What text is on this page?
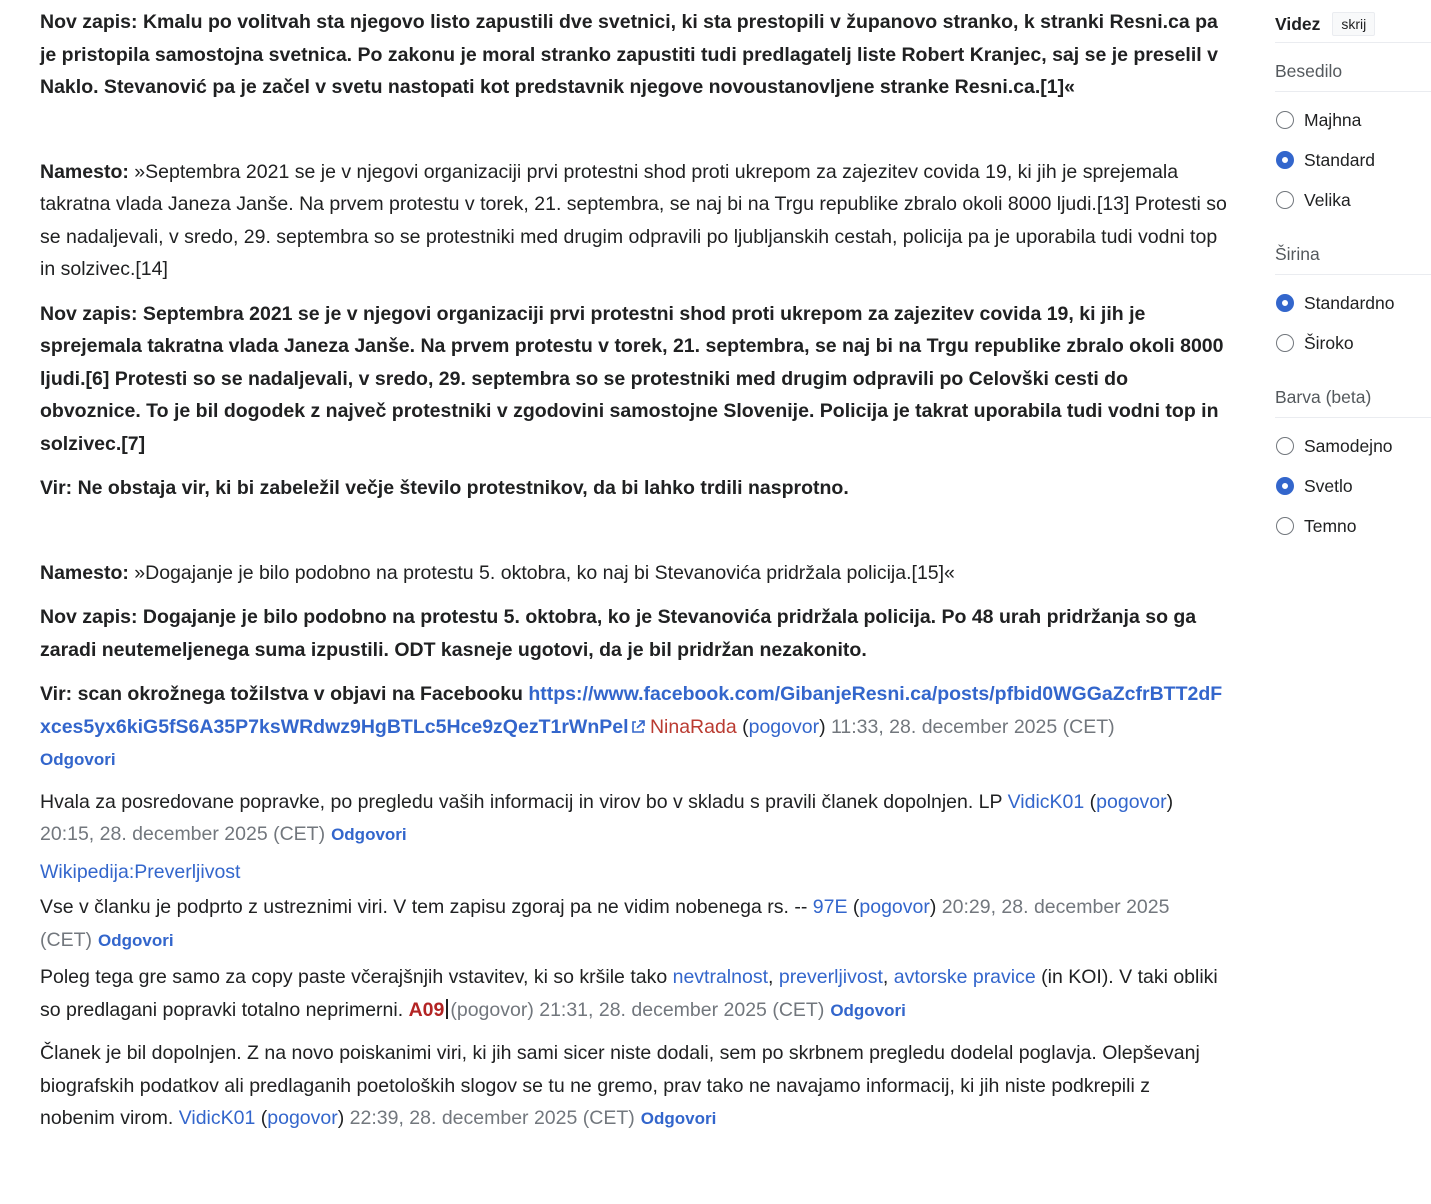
Nov zapis: Kmalu po volitvah sta njegovo listo zapustili dve svetnici, ki sta prestopili v županovo stranko, k stranki Resni.ca pa je pristopila samostojna svetnica. Po zakonu je moral stranko zapustiti tudi predlagatelj liste Robert Kranjec, saj se je preselil v Naklo. Stevanović pa je začel v svetu nastopati kot predstavnik njegove novoustanovljene stranke Resni.ca.[1]«

Namesto: »Septembra 2021 se je v njegovi organizaciji prvi protestni shod proti ukrepom za zajezitev covida 19, ki jih je sprejemala takratna vlada Janeza Janše. Na prvem protestu v torek, 21. septembra, se naj bi na Trgu republike zbralo okoli 8000 ljudi.[13] Protesti so se nadaljevali, v sredo, 29. septembra so se protestniki med drugim odpravili po ljubljanskih cestah, policija pa je uporabila tudi vodni top in solzivec.[14]

Nov zapis: Septembra 2021 se je v njegovi organizaciji prvi protestni shod proti ukrepom za zajezitev covida 19, ki jih je sprejemala takratna vlada Janeza Janše. Na prvem protestu v torek, 21. septembra, se naj bi na Trgu republike zbralo okoli 8000 ljudi.[6] Protesti so se nadaljevali, v sredo, 29. septembra so se protestniki med drugim odpravili po Celovški cesti do obvoznice. To je bil dogodek z največ protestniki v zgodovini samostojne Slovenije. Policija je takrat uporabila tudi vodni top in solzivec.[7]

Vir: Ne obstaja vir, ki bi zabeležil večje število protestnikov, da bi lahko trdili nasprotno.

Namesto: »Dogajanje je bilo podobno na protestu 5. oktobra, ko naj bi Stevanovića pridržala policija.[15]«

Nov zapis: Dogajanje je bilo podobno na protestu 5. oktobra, ko je Stevanovića pridržala policija. Po 48 urah pridržanja so ga zaradi neutemeljenega suma izpustili. ODT kasneje ugotovi, da je bil pridržan nezakonito.

Vir: scan okrožnega tožilstva v objavi na Facebooku https://www.facebook.com/GibanjeResni.ca/posts/pfbid0WGGaZcfrBTT2dFxces5yx6kiG5fS6A35P7ksWRdwz9HgBTLc5Hce9zQezT1rWnPel NinaRada (pogovor) 11:33, 28. december 2025 (CET)
Odgovori

Hvala za posredovane popravke, po pregledu vaših informacij in virov bo v skladu s pravili članek dopolnjen. LP VidicK01 (pogovor) 20:15, 28. december 2025 (CET) Odgovori

Wikipedija:Preverljivost

Vse v članku je podprto z ustreznimi viri. V tem zapisu zgoraj pa ne vidim nobenega rs. -- 97E (pogovor) 20:29, 28. december 2025 (CET) Odgovori

Poleg tega gre samo za copy paste včerajšnjih vstavitev, ki so kršile tako nevtralnost, preverljivost, avtorske pravice (in KOI). V taki obliki so predlagani popravki totalno neprimerni. A09 (pogovor) 21:31, 28. december 2025 (CET) Odgovori

Članek je bil dopolnjen. Z na novo poiskanimi viri, ki jih sami sicer niste dodali, sem po skrbnem pregledu dodelal poglavja. Olepševanj biografskih podatkov ali predlaganih poetoloških slogov se tu ne gremo, prav tako ne navajamo informacij, ki jih niste podkrepili z nobenim virom. VidicK01 (pogovor) 22:39, 28. december 2025 (CET) Odgovori

Videz	skrij
Besedilo
Majhna
Standard
Velika
Širina
Standardno
Široko
Barva (beta)
Samodejno
Svetlo
Temno
